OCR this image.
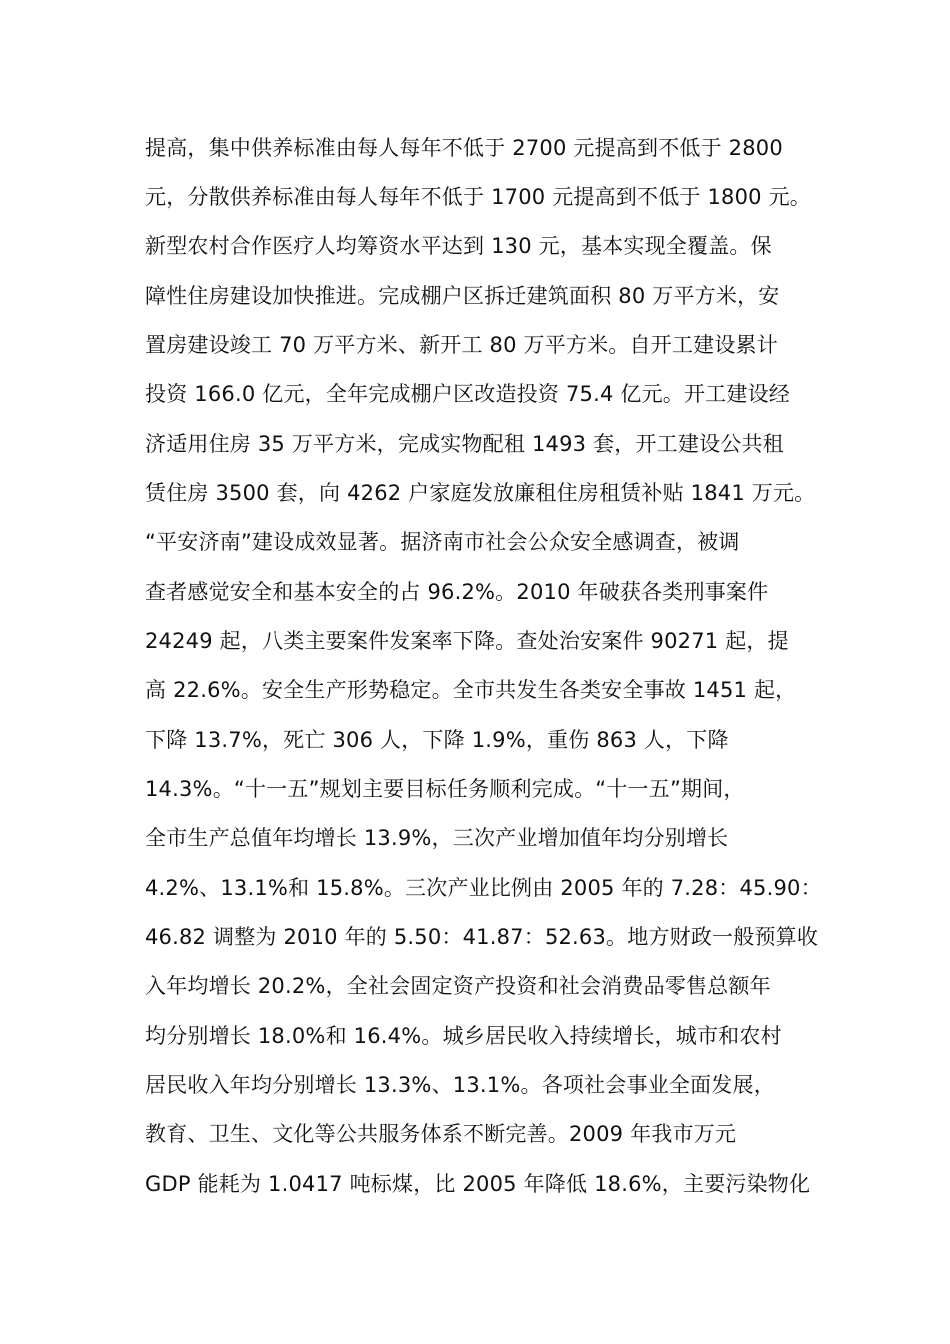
提高，集中供养标准由每人每年不低于 2700 元提高到不低于 2800
元，分散供养标准由每人每年不低于 1700 元提高到不低于 1800 元。
新型农村合作医疗人均筹资水平达到 130 元，基本实现全覆盖。保
障性住房建设加快推进。完成棚户区拆迁建筑面积 80 万平方米，安
置房建设竣工 70 万平方米、新开工 80 万平方米。自开工建设累计
投资 166.0 亿元，全年完成棚户区改造投资 75.4 亿元。开工建设经
济适用住房 35 万平方米，完成实物配租 1493 套，开工建设公共租
赁住房 3500 套，向 4262 户家庭发放廉租住房租赁补贴 1841 万元。
“平安济南”建设成效显著。据济南市社会公众安全感调查，被调
查者感觉安全和基本安全的占 96.2%。2010 年破获各类刑事案件
24249 起，八类主要案件发案率下降。查处治安案件 90271 起，提
高 22.6%。安全生产形势稳定。全市共发生各类安全事故 1451 起，
下降 13.7%，死亡 306 人，下降 1.9%，重伤 863 人，下降
14.3%。“十一五”规划主要目标任务顺利完成。“十一五”期间，
全市生产总值年均增长 13.9%，三次产业增加值年均分别增长
4.2%、13.1%和 15.8%。三次产业比例由 2005 年的 7.28：45.90：
46.82 调整为 2010 年的 5.50：41.87：52.63。地方财政一般预算收
入年均增长 20.2%，全社会固定资产投资和社会消费品零售总额年
均分别增长 18.0%和 16.4%。城乡居民收入持续增长，城市和农村
居民收入年均分别增长 13.3%、13.1%。各项社会事业全面发展，
教育、卫生、文化等公共服务体系不断完善。2009 年我市万元
GDP 能耗为 1.0417 吨标煤，比 2005 年降低 18.6%，主要污染物化
